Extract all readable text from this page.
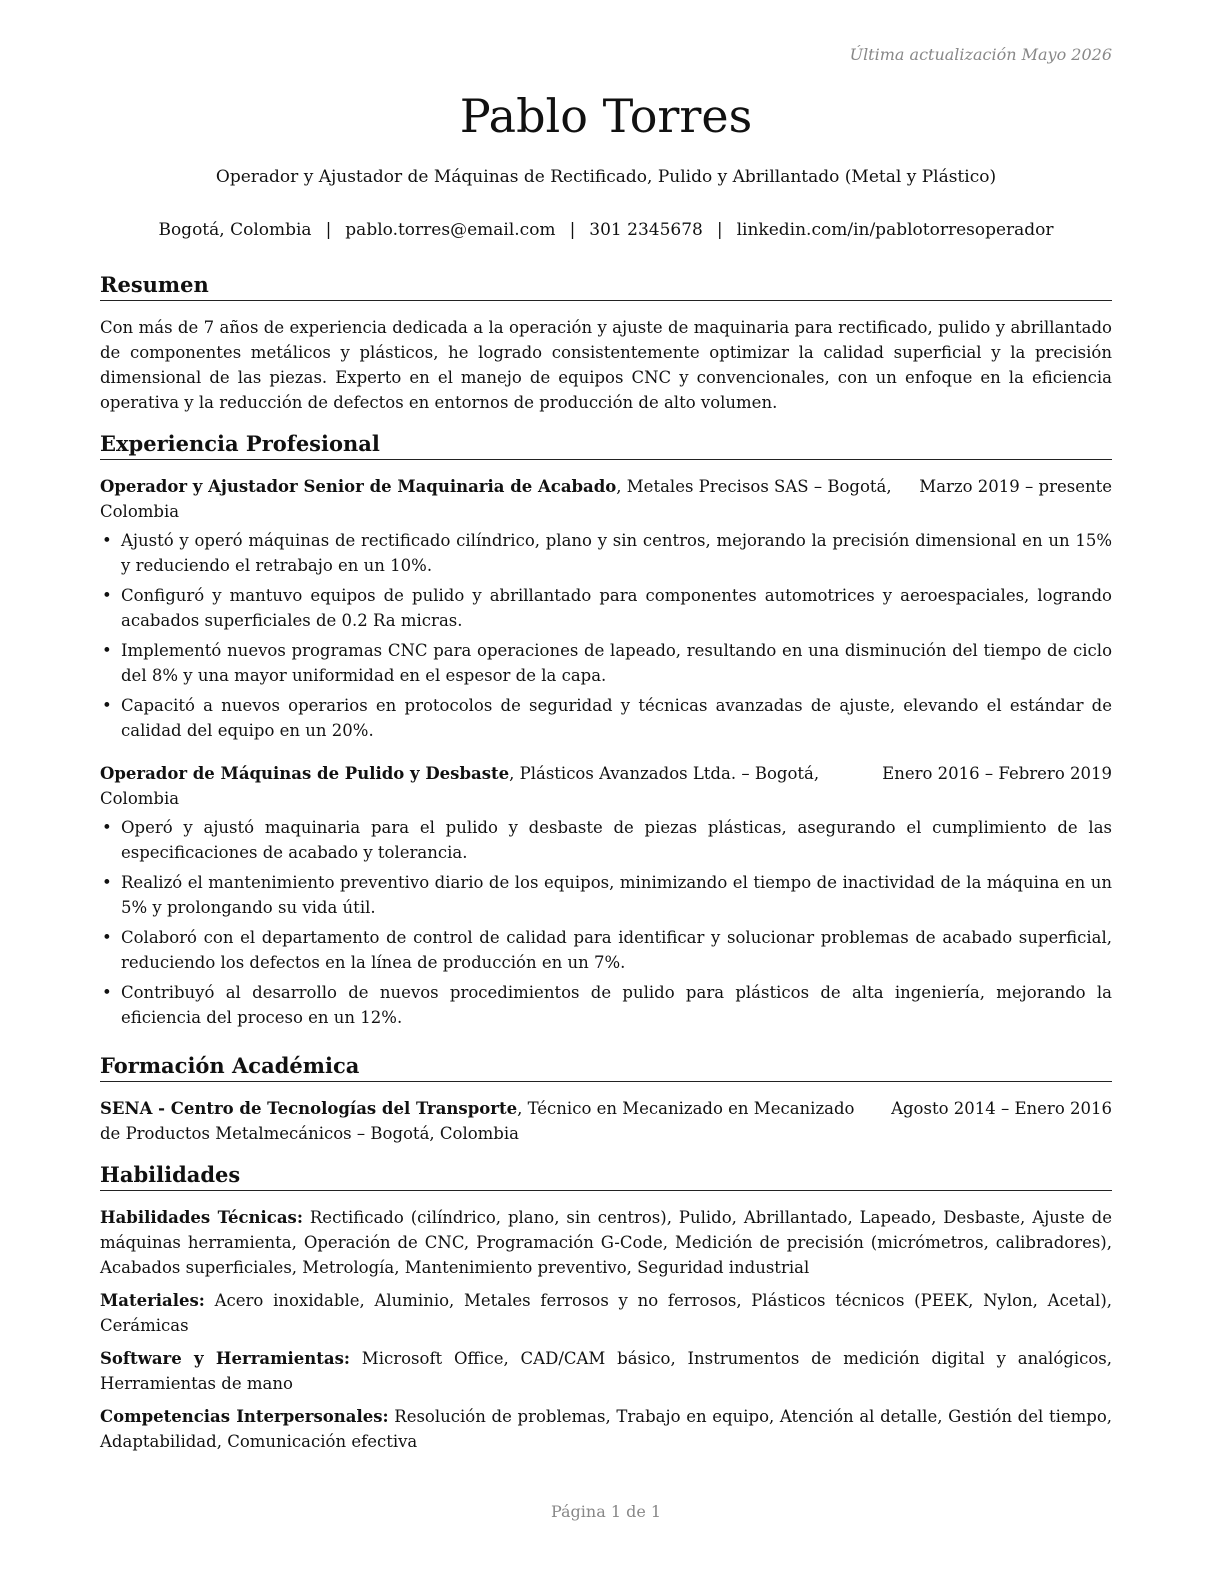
Última actualización Mayo 2026
Pablo Torres
Operador y Ajustador de Máquinas de Rectificado, Pulido y Abrillantado (Metal y Plástico)
Bogotá, Colombia | pablo.torres@email.com | 301 2345678 | linkedin.com/in/pablotorresoperador
Resumen

Con más de 7 años de experiencia dedicada a la operación y ajuste de maquinaria para rectificado, pulido y abrillantado de componentes metálicos y plásticos, he logrado consistentemente optimizar la calidad superficial y la precisión dimensional de las piezas. Experto en el manejo de equipos CNC y convencionales, con un enfoque en la eficiencia operativa y la reducción de defectos en entornos de producción de alto volumen.

Experiencia Profesional
Operador y Ajustador Senior de Maquinaria de Acabado, Metales Precisos SAS – Bogotá, Colombia
Marzo 2019 – presente
• Ajustó y operó máquinas de rectificado cilíndrico, plano y sin centros, mejorando la precisión dimensional en un 15% y reduciendo el retrabajo en un 10%.
• Configuró y mantuvo equipos de pulido y abrillantado para componentes automotrices y aeroespaciales, logrando acabados superficiales de 0.2 Ra micras.
• Implementó nuevos programas CNC para operaciones de lapeado, resultando en una disminución del tiempo de ciclo del 8% y una mayor uniformidad en el espesor de la capa.
• Capacitó a nuevos operarios en protocolos de seguridad y técnicas avanzadas de ajuste, elevando el estándar de calidad del equipo en un 20%.
Operador de Máquinas de Pulido y Desbaste, Plásticos Avanzados Ltda. – Bogotá, Colombia
Enero 2016 – Febrero 2019
• Operó y ajustó maquinaria para el pulido y desbaste de piezas plásticas, asegurando el cumplimiento de las especificaciones de acabado y tolerancia.
• Realizó el mantenimiento preventivo diario de los equipos, minimizando el tiempo de inactividad de la máquina en un 5% y prolongando su vida útil.
• Colaboró con el departamento de control de calidad para identificar y solucionar problemas de acabado superficial, reduciendo los defectos en la línea de producción en un 7%.
• Contribuyó al desarrollo de nuevos procedimientos de pulido para plásticos de alta ingeniería, mejorando la eficiencia del proceso en un 12%.
Formación Académica
SENA - Centro de Tecnologías del Transporte, Técnico en Mecanizado en Mecanizado de Productos Metalmecánicos – Bogotá, Colombia
Agosto 2014 – Enero 2016
Habilidades

Habilidades Técnicas: Rectificado (cilíndrico, plano, sin centros), Pulido, Abrillantado, Lapeado, Desbaste, Ajuste de máquinas herramienta, Operación de CNC, Programación G-Code, Medición de precisión (micrómetros, calibradores), Acabados superficiales, Metrología, Mantenimiento preventivo, Seguridad industrial

Materiales: Acero inoxidable, Aluminio, Metales ferrosos y no ferrosos, Plásticos técnicos (PEEK, Nylon, Acetal), Cerámicas

Software y Herramientas: Microsoft Office, CAD/CAM básico, Instrumentos de medición digital y analógicos, Herramientas de mano

Competencias Interpersonales: Resolución de problemas, Trabajo en equipo, Atención al detalle, Gestión del tiempo, Adaptabilidad, Comunicación efectiva

Página 1 de 1
